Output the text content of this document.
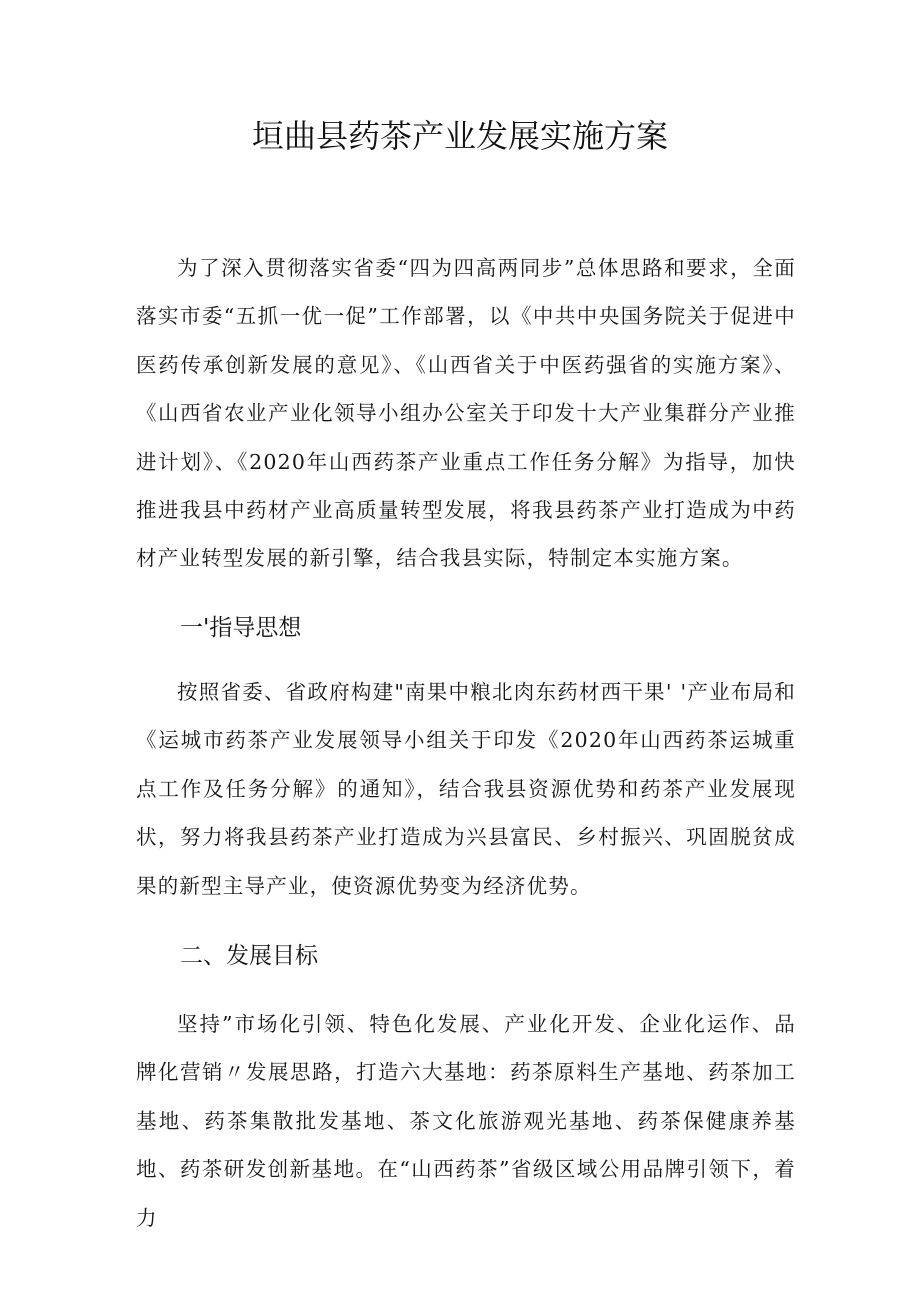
垣曲县药茶产业发展实施方案

为了深入贯彻落实省委“四为四高两同步”总体思路和要求，全面落实市委“五抓一优一促”工作部署，以《中共中央国务院关于促进中医药传承创新发展的意见》、《山西省关于中医药强省的实施方案》、《山西省农业产业化领导小组办公室关于印发十大产业集群分产业推进计划》、《2020年山西药茶产业重点工作任务分解》为指导，加快推进我县中药材产业高质量转型发展，将我县药茶产业打造成为中药材产业转型发展的新引擎，结合我县实际，特制定本实施方案。

一'指导思想

按照省委、省政府构建"南果中粮北肉东药材西干果' '产业布局和《运城市药茶产业发展领导小组关于印发《2020年山西药茶运城重点工作及任务分解》的通知》，结合我县资源优势和药茶产业发展现状，努力将我县药茶产业打造成为兴县富民、乡村振兴、巩固脱贫成果的新型主导产业，使资源优势变为经济优势。

二、发展目标

坚持”市场化引领、特色化发展、产业化开发、企业化运作、品牌化营销〃发展思路，打造六大基地：药茶原料生产基地、药茶加工基地、药茶集散批发基地、茶文化旅游观光基地、药茶保健康养基地、药茶研发创新基地。在“山西药茶”省级区域公用品牌引领下，着力
